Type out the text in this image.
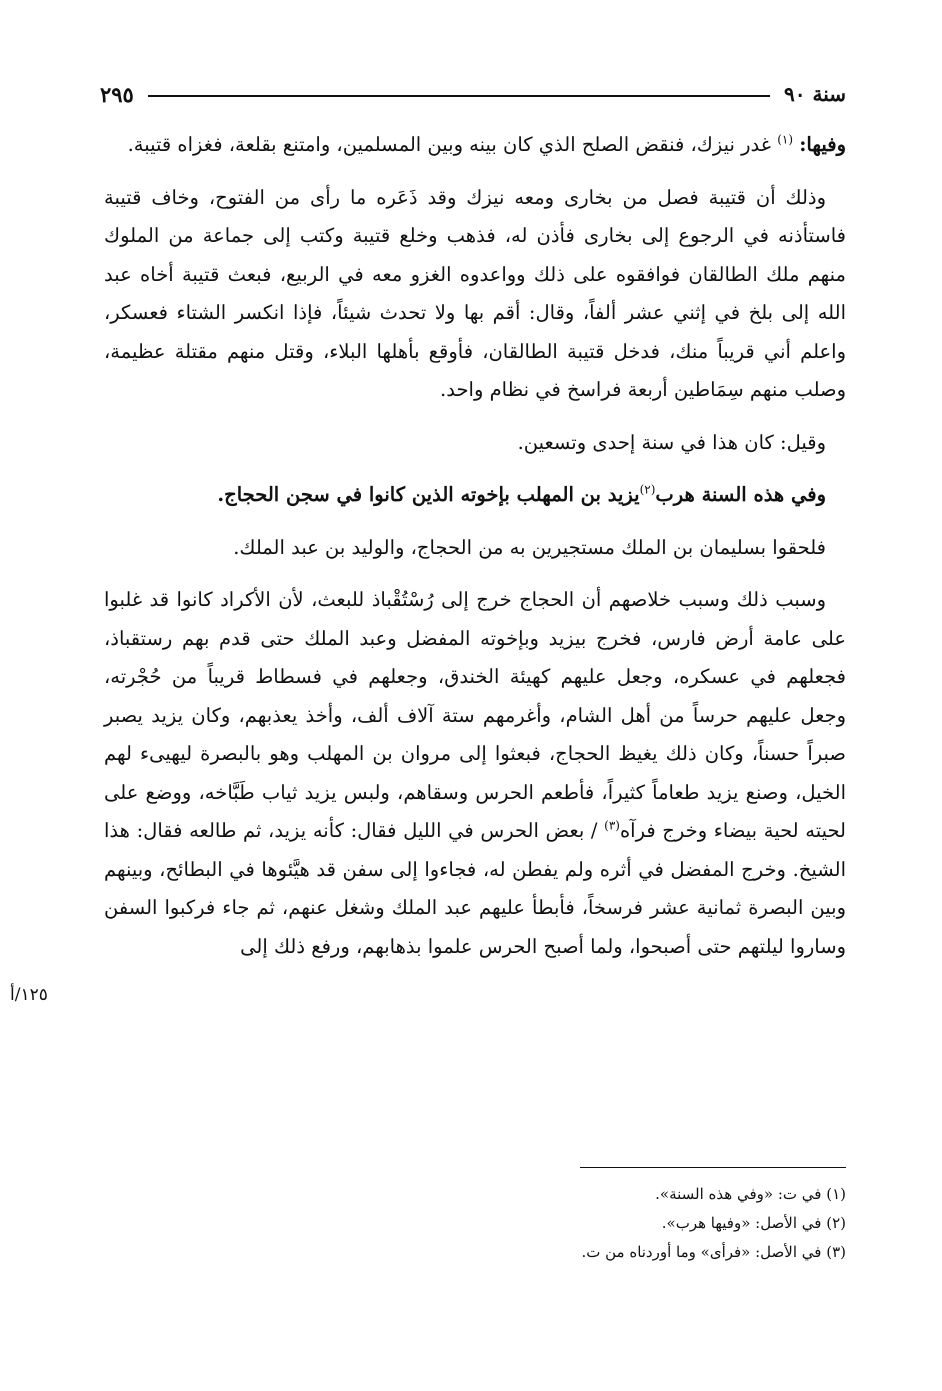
سنة ٩٠
٢٩٥

وفيها: $^{(١)}$ غدر نيزك، فنقض الصلح الذي كان بينه وبين المسلمين، وامتنع بقلعة، فغزاه قتيبة.

وذلك أن قتيبة فصل من بخارى ومعه نيزك وقد ذَعَره ما رأى من الفتوح، وخاف قتيبة فاستأذنه في الرجوع إلى بخارى فأذن له، فذهب وخلع قتيبة وكتب إلى جماعة من الملوك منهم ملك الطالقان فوافقوه على ذلك وواعدوه الغزو معه في الربيع، فبعث قتيبة أخاه عبد الله إلى بلخ في إثني عشر ألفاً، وقال: أقم بها ولا تحدث شيئاً، فإذا انكسر الشتاء فعسكر، واعلم أني قريباً منك، فدخل قتيبة الطالقان، فأوقع بأهلها البلاء، وقتل منهم مقتلة عظيمة، وصلب منهم سِمَاطين أربعة فراسخ في نظام واحد.

وقيل: كان هذا في سنة إحدى وتسعين.

وفي هذه السنة هرب$^{(٢)}$يزيد بن المهلب بإخوته الذين كانوا في سجن الحجاج.

فلحقوا بسليمان بن الملك مستجيرين به من الحجاج، والوليد بن عبد الملك.

وسبب ذلك وسبب خلاصهم أن الحجاج خرج إلى رُسْتُقْباذ للبعث، لأن الأكراد كانوا قد غلبوا على عامة أرض فارس، فخرج بيزيد وبإخوته المفضل وعبد الملك حتى قدم بهم رستقباذ، فجعلهم في عسكره، وجعل عليهم كهيئة الخندق، وجعلهم في فسطاط قريباً من حُجْرته، وجعل عليهم حرساً من أهل الشام، وأغرمهم ستة آلاف ألف، وأخذ يعذبهم، وكان يزيد يصبر صبراً حسناً، وكان ذلك يغيظ الحجاج، فبعثوا إلى مروان بن المهلب وهو بالبصرة ليهيىء لهم الخيل، وصنع يزيد طعاماً كثيراً، فأطعم الحرس وسقاهم، ولبس يزيد ثياب طَبَّاخه، ووضع على لحيته لحية بيضاء وخرج فرآه$^{(٣)}$ / بعض الحرس في الليل فقال: كأنه يزيد، ثم طالعه فقال: هذا الشيخ. وخرج المفضل في أثره ولم يفطن له، فجاءوا إلى سفن قد هيَّئوها في البطائح، وبينهم وبين البصرة ثمانية عشر فرسخاً، فأبطأ عليهم عبد الملك وشغل عنهم، ثم جاء فركبوا السفن وساروا ليلتهم حتى أصبحوا، ولما أصبح الحرس علموا بذهابهم، ورفع ذلك إلى

١٢٥/أ
(١) في ت: «وفي هذه السنة».
(٢) في الأصل: «وفيها هرب».
(٣) في الأصل: «فرأى» وما أوردناه من ت.
